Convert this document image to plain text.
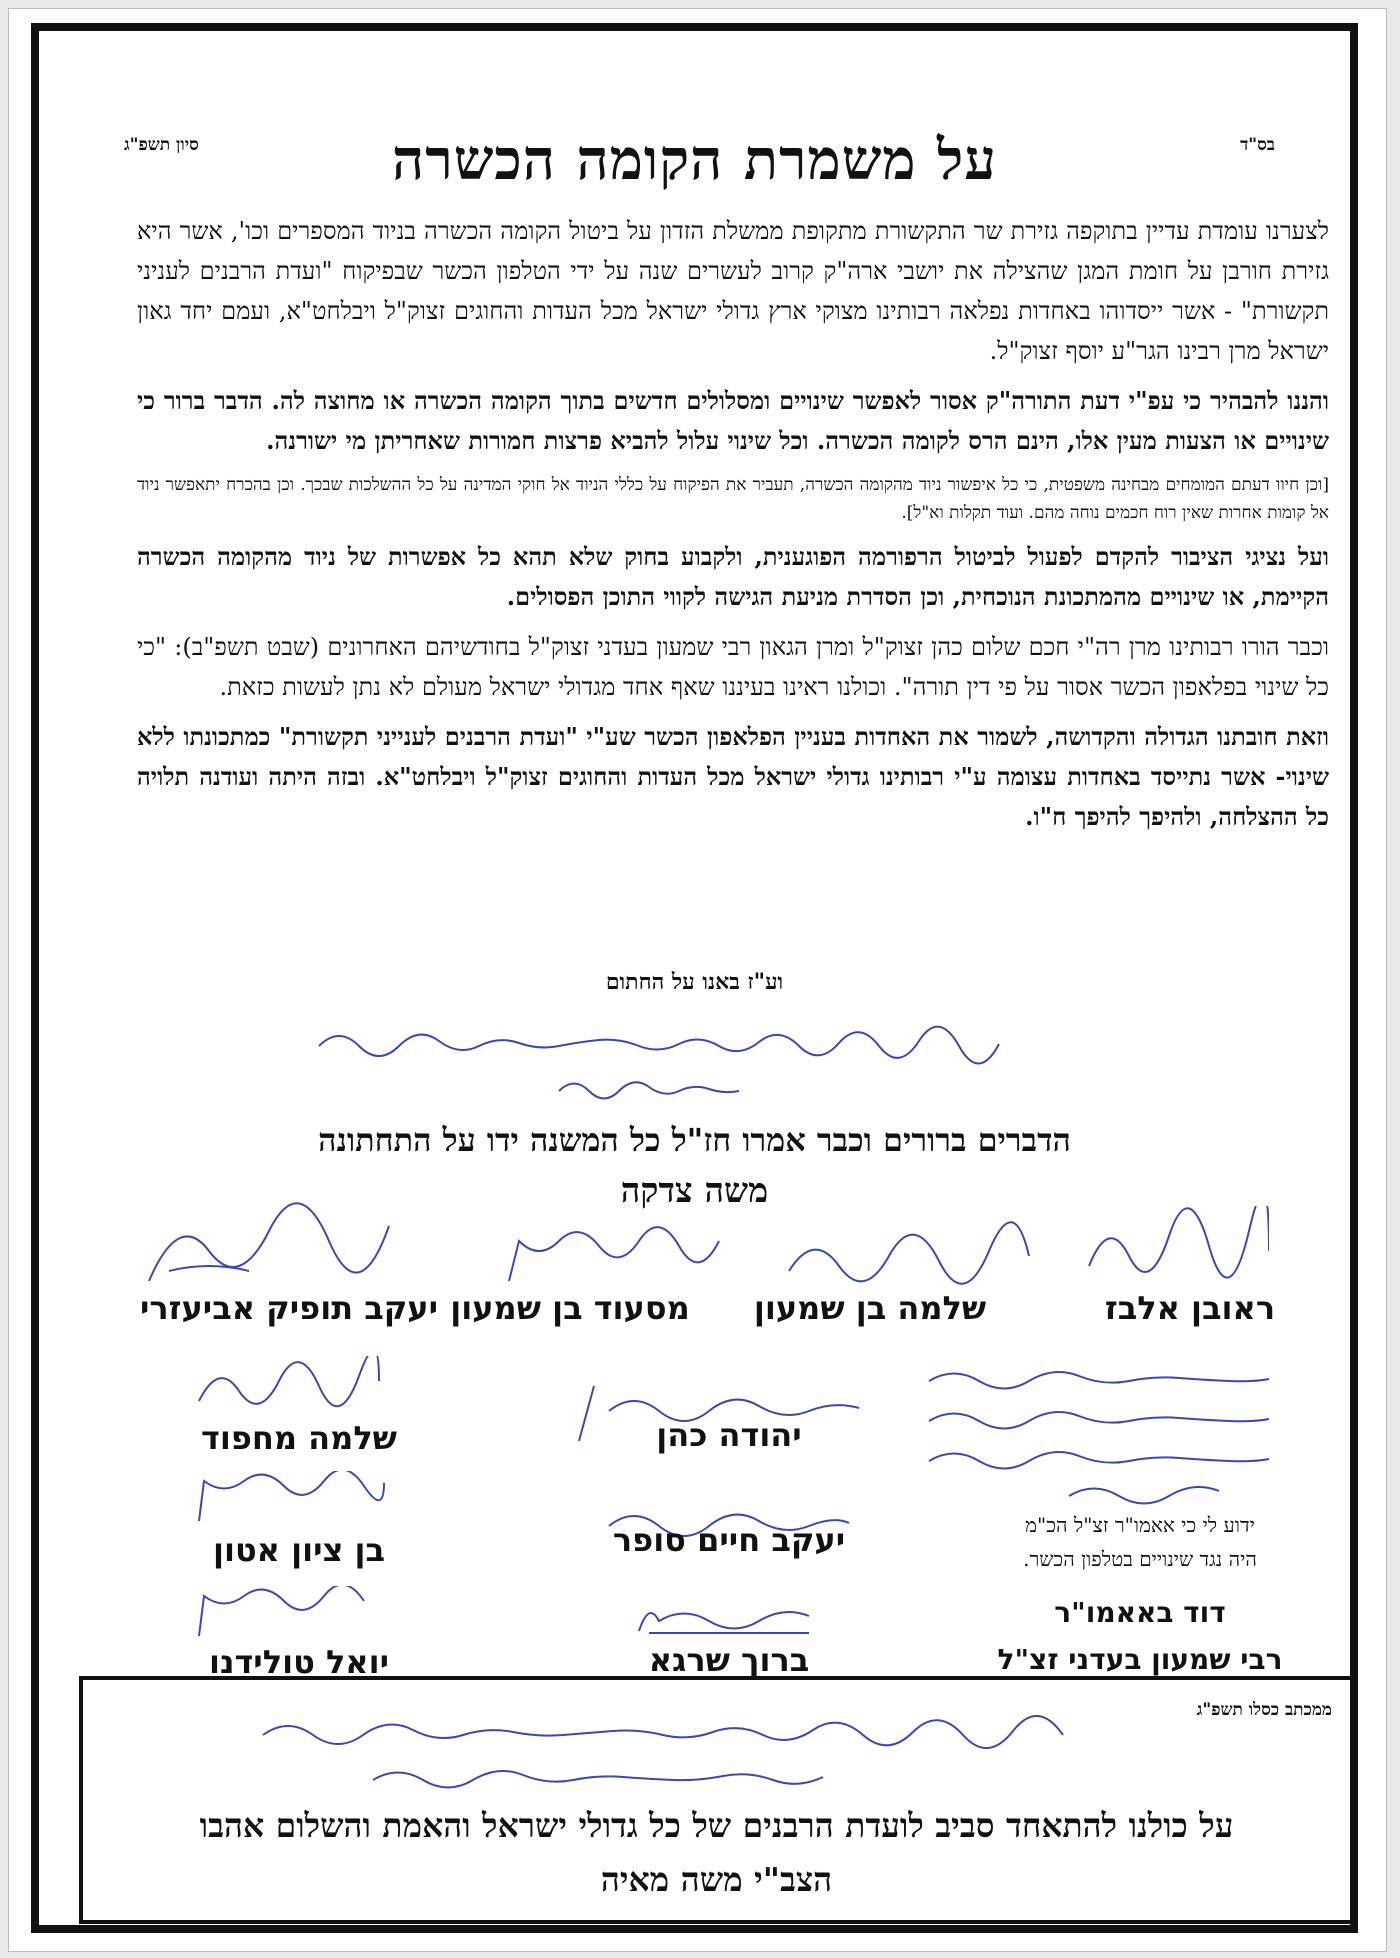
בס"ד
סיון תשפ"ג	על משמרת הקומה הכשרה

לצערנו עומדת עדיין בתוקפה גזירת שר התקשורת מתקופת ממשלת הזדון על ביטול הקומה הכשרה בניוד המספרים וכו', אשר היא גזירת חורבן על חומת המגן שהצילה את יושבי ארה"ק קרוב לעשרים שנה על ידי הטלפון הכשר שבפיקוח "ועדת הרבנים לעניני תקשורת" - אשר ייסדוהו באחדות נפלאה רבותינו מצוקי ארץ גדולי ישראל מכל העדות והחוגים זצוק"ל ויבלחט"א, ועמם יחד גאון ישראל מרן רבינו הגר"ע יוסף זצוק"ל.

והננו להבהיר כי עפ"י דעת התורה"ק אסור לאפשר שינויים ומסלולים חדשים בתוך הקומה הכשרה או מחוצה לה. הדבר ברור כי שינויים או הצעות מעין אלו, הינם הרס לקומה הכשרה. וכל שינוי עלול להביא פרצות חמורות שאחריתן מי ישורנה.

[וכן חיוו דעתם המומחים מבחינה משפטית, כי כל איפשור ניוד מהקומה הכשרה, תעביר את הפיקוח על כללי הניוד אל חוקי המדינה על כל ההשלכות שבכך. וכן בהכרח יתאפשר ניוד אל קומות אחרות שאין רוח חכמים נוחה מהם. ועוד תקלות וא"ל].

ועל נציגי הציבור להקדם לפעול לביטול הרפורמה הפוגענית, ולקבוע בחוק שלא תהא כל אפשרות של ניוד מהקומה הכשרה הקיימת, או שינויים מהמתכונת הנוכחית, וכן הסדרת מניעת הגישה לקווי התוכן הפסולים.

וכבר הורו רבותינו מרן רה"י חכם שלום כהן זצוק"ל ומרן הגאון רבי שמעון בעדני זצוק"ל בחודשיהם האחרונים (שבט תשפ"ב): "כי כל שינוי בפלאפון הכשר אסור על פי דין תורה". וכולנו ראינו בעיננו שאף אחד מגדולי ישראל מעולם לא נתן לעשות כזאת.

וזאת חובתנו הגדולה והקדושה, לשמור את האחדות בעניין הפלאפון הכשר שע"י "ועדת הרבנים לענייני תקשורת" כמתכונתו ללא שינוי- אשר נתייסד באחדות עצומה ע"י רבותינו גדולי ישראל מכל העדות והחוגים זצוק"ל ויבלחט"א. ובזה היתה ועודנה תלויה כל ההצלחה, ולהיפך להיפך ח"ו.

וע"ז באנו על החתום
הדברים ברורים וכבר אמרו חז"ל כל המשנה ידו על התחתונה
משה צדקה
ראובן אלבז
שלמה בן שמעון
מסעוד בן שמעון
יעקב תופיק אביעזרי
ידוע לי כי אאמו"ר זצ"ל הכ"מ
היה נגד שינויים בטלפון הכשר.
דוד באאמו"ר
רבי שמעון בעדני זצ"ל
יהודה כהן
שלמה מחפוד
יעקב חיים סופר
בן ציון אטון
ברוך שרגא
יואל טולידנו
ממכתב כסלו תשפ"ג
על כולנו להתאחד סביב לועדת הרבנים של כל גדולי ישראל והאמת והשלום אהבו
הצב"י משה מאיה
